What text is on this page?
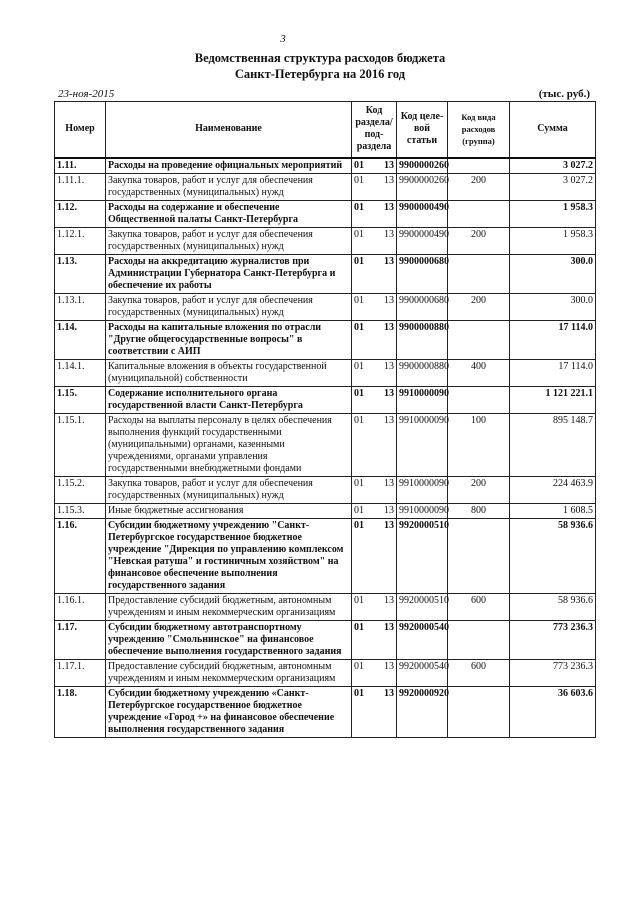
3
Ведомственная структура расходов бюджета
Санкт-Петербурга на 2016 год
23-ноя-2015	(тыс. руб.)
Номер	Наименование	Код раздела/ под- раздела	Код целе- вой статьи	Код вида расходов (группа)	Сумма
1.11.	Расходы на проведение официальных мероприятий	01 13	9900000260		3 027.2
1.11.1.	Закупка товаров, работ и услуг для обеспечения государственных (муниципальных) нужд	01 13	9900000260	200	3 027.2
1.12.	Расходы на содержание и обеспечение Общественной палаты Санкт-Петербурга	01 13	9900000490		1 958.3
1.12.1.	Закупка товаров, работ и услуг для обеспечения государственных (муниципальных) нужд	01 13	9900000490	200	1 958.3
1.13.	Расходы на аккредитацию журналистов при Администрации Губернатора Санкт-Петербурга и обеспечение их работы	01 13	9900000680		300.0
1.13.1.	Закупка товаров, работ и услуг для обеспечения государственных (муниципальных) нужд	01 13	9900000680	200	300.0
1.14.	Расходы на капитальные вложения по отрасли "Другие общегосударственные вопросы" в соответствии с АИП	01 13	9900000880		17 114.0
1.14.1.	Капитальные вложения в объекты государственной (муниципальной) собственности	01 13	9900000880	400	17 114.0
1.15.	Содержание исполнительного органа государственной власти Санкт-Петербурга	01 13	9910000090		1 121 221.1
1.15.1.	Расходы на выплаты персоналу в целях обеспечения выполнения функций государственными (муниципальными) органами, казенными учреждениями, органами управления государственными внебюджетными фондами	01 13	9910000090	100	895 148.7
1.15.2.	Закупка товаров, работ и услуг для обеспечения государственных (муниципальных) нужд	01 13	9910000090	200	224 463.9
1.15.3.	Иные бюджетные ассигнования	01 13	9910000090	800	1 608.5
1.16.	Субсидии бюджетному учреждению "Санкт-Петербургское государственное бюджетное учреждение "Дирекция по управлению комплексом "Невская ратуша" и гостиничным хозяйством" на финансовое обеспечение выполнения государственного задания	01 13	9920000510		58 936.6
1.16.1.	Предоставление субсидий бюджетным, автономным учреждениям и иным некоммерческим организациям	01 13	9920000510	600	58 936.6
1.17.	Субсидии бюджетному автотранспортному учреждению "Смольнинское" на финансовое обеспечение выполнения государственного задания	01 13	9920000540		773 236.3
1.17.1.	Предоставление субсидий бюджетным, автономным учреждениям и иным некоммерческим организациям	01 13	9920000540	600	773 236.3
1.18.	Субсидии бюджетному учреждению «Санкт-Петербургское государственное бюджетное учреждение «Город +» на финансовое обеспечение выполнения государственного задания	01 13	9920000920		36 603.6
